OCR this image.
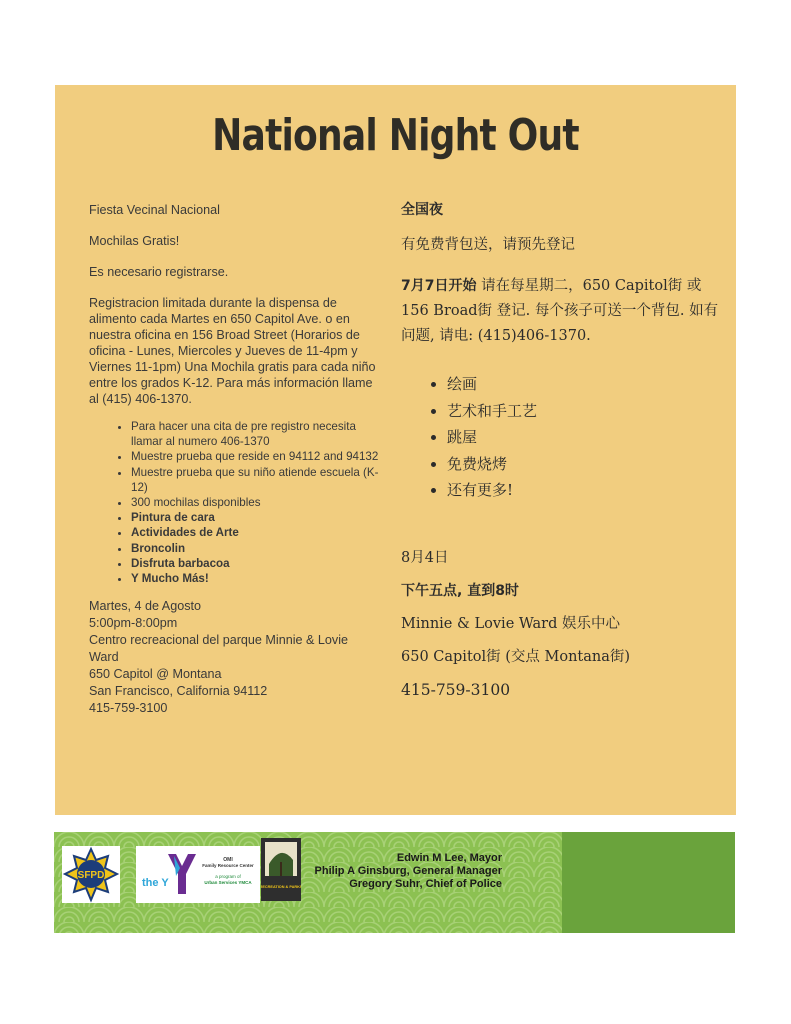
National Night Out

Fiesta Vecinal Nacional

Mochilas Gratis!

Es necesario registrarse.

Registracion limitada durante la dispensa de alimento cada Martes en 650 Capitol Ave. o en nuestra oficina en 156 Broad Street (Horarios de oficina - Lunes, Miercoles y Jueves de 11-4pm y Viernes 11-1pm) Una Mochila gratis para cada niño entre los grados K-12. Para más información llame al (415) 406-1370.

• Para hacer una cita de pre registro necesita llamar al numero 406-1370
• Muestre prueba que reside en 94112 and 94132
• Muestre prueba que su niño atiende escuela (K-12)
• 300 mochilas disponibles
• Pintura de cara
• Actividades de Arte
• Broncolin
• Disfruta barbacoa
• Y Mucho Más!
Martes, 4 de Agosto
5:00pm-8:00pm
Centro recreacional del parque Minnie & Lovie Ward
650 Capitol @ Montana
San Francisco, California 94112
415-759-3100
全国夜
有免费背包送，请预先登记
7月7日开始 请在每星期二，650 Capitol街 或 156 Broad街 登记. 每个孩子可送一个背包. 如有问题, 请电: (415)406-1370.
• 绘画
• 艺术和手工艺
• 跳屋
• 免费烧烤
• 还有更多!
8月4日
下午五点, 直到8时
Minnie & Lovie Ward 娱乐中心
650 Capitol街 (交点 Montana街)
415-759-3100
SFPD
the Y
OMI
Family Resource Center
a program of
Urban Services YMCA
RECREATION & PARKS
Edwin M Lee, Mayor
Philip A Ginsburg, General Manager
Gregory Suhr, Chief of Police
